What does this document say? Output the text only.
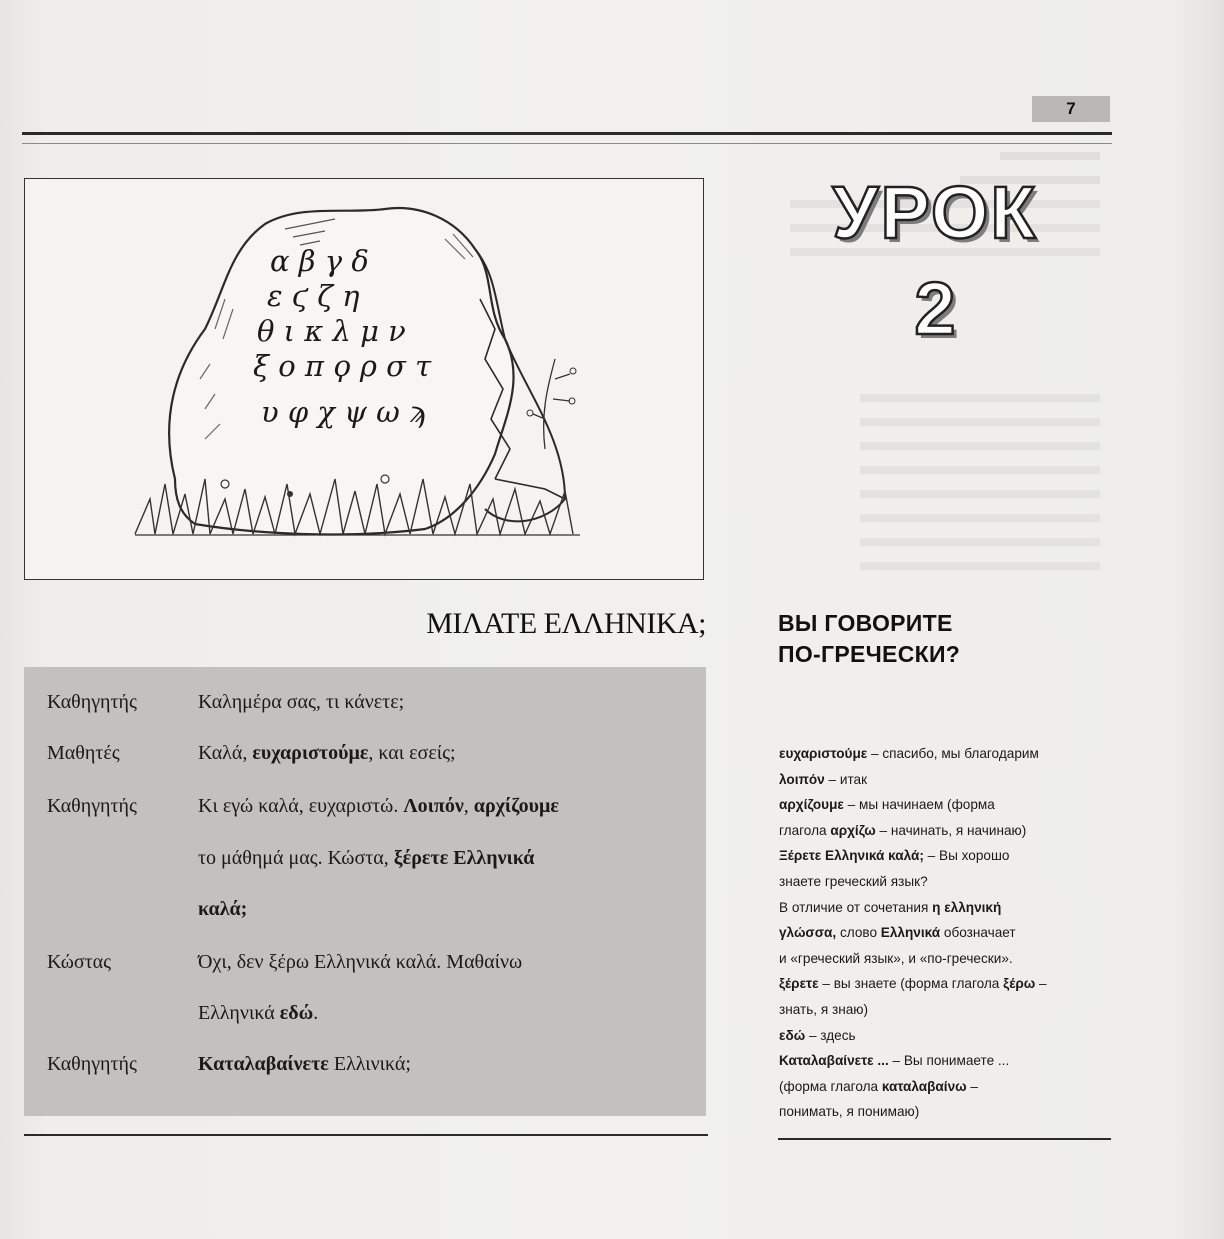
7
α β γ δ
ε ϛ ζ η
θ ι κ λ μ ν
ξ ο π ϙ ρ σ τ
υ φ χ ψ ω ϡ
УРОК
2
ΜΙΛΑΤΕ ΕΛΛΗΝΙΚΑ;	ВЫ ГОВОРИТЕ
ПО-ГРЕЧЕСКИ?
Καθηγητής	Καλημέρα σας, τι κάνετε;
Μαθητές	Καλά, ευχαριστούμε, και εσείς;
Καθηγητής	Κι εγώ καλά, ευχαριστώ. Λοιπόν, αρχίζουμε
το μάθημά μας. Κώστα, ξέρετε Ελληνικά
καλά;
Κώστας	Όχι, δεν ξέρω Ελληνικά καλά. Μαθαίνω
Ελληνικά εδώ.
Καθηγητής	Καταλαβαίνετε Ελλινικά;
ευχαριστούμε – спасибо, мы благодарим
λοιπόν – итак
αρχίζουμε – мы начинаем (форма
глагола αρχίζω – начинать, я начинаю)
Ξέρετε Ελληνικά καλά; – Вы хорошо
знаете греческий язык?
В отличие от сочетания η ελληνική
γλώσσα, слово Ελληνικά обозначает
и «греческий язык», и «по-гречески».
ξέρετε – вы знаете (форма глагола ξέρω –
знать, я знаю)
εδώ – здесь
Καταλαβαίνετε ... – Вы понимаете ...
(форма глагола καταλαβαίνω –
понимать, я понимаю)
